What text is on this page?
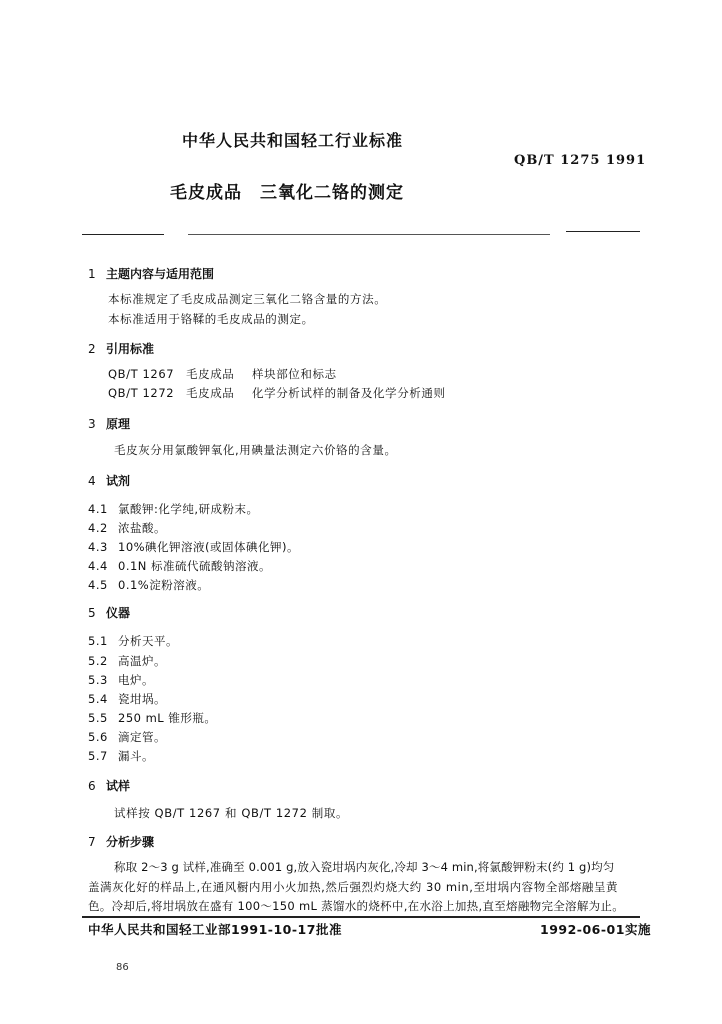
中华人民共和国轻工行业标准
QB/T 1275 1991
毛皮成品　三氧化二铬的测定
1 主题内容与适用范围
本标准规定了毛皮成品测定三氧化二铬含量的方法。
本标准适用于铬鞣的毛皮成品的测定。
2 引用标准
QB/T 1267 毛皮成品 样块部位和标志
QB/T 1272 毛皮成品 化学分析试样的制备及化学分析通则
3 原理
毛皮灰分用氯酸钾氧化,用碘量法测定六价铬的含量。
4 试剂
4.1 氯酸钾:化学纯,研成粉末。
4.2 浓盐酸。
4.3 10%碘化钾溶液(或固体碘化钾)。
4.4 0.1N 标准硫代硫酸钠溶液。
4.5 0.1%淀粉溶液。
5 仪器
5.1 分析天平。
5.2 高温炉。
5.3 电炉。
5.4 瓷坩埚。
5.5 250 mL 锥形瓶。
5.6 滴定管。
5.7 漏斗。
6 试样
试样按 QB/T 1267 和 QB/T 1272 制取。
7 分析步骤
称取 2～3 g 试样,准确至 0.001 g,放入瓷坩埚内灰化,冷却 3～4 min,将氯酸钾粉末(约 1 g)均匀
盖满灰化好的样品上,在通风橱内用小火加热,然后强烈灼烧大约 30 min,至坩埚内容物全部熔融呈黄
色。冷却后,将坩埚放在盛有 100～150 mL 蒸馏水的烧杯中,在水浴上加热,直至熔融物完全溶解为止。
中华人民共和国轻工业部1991-10-17批准	1992-06-01实施
86
